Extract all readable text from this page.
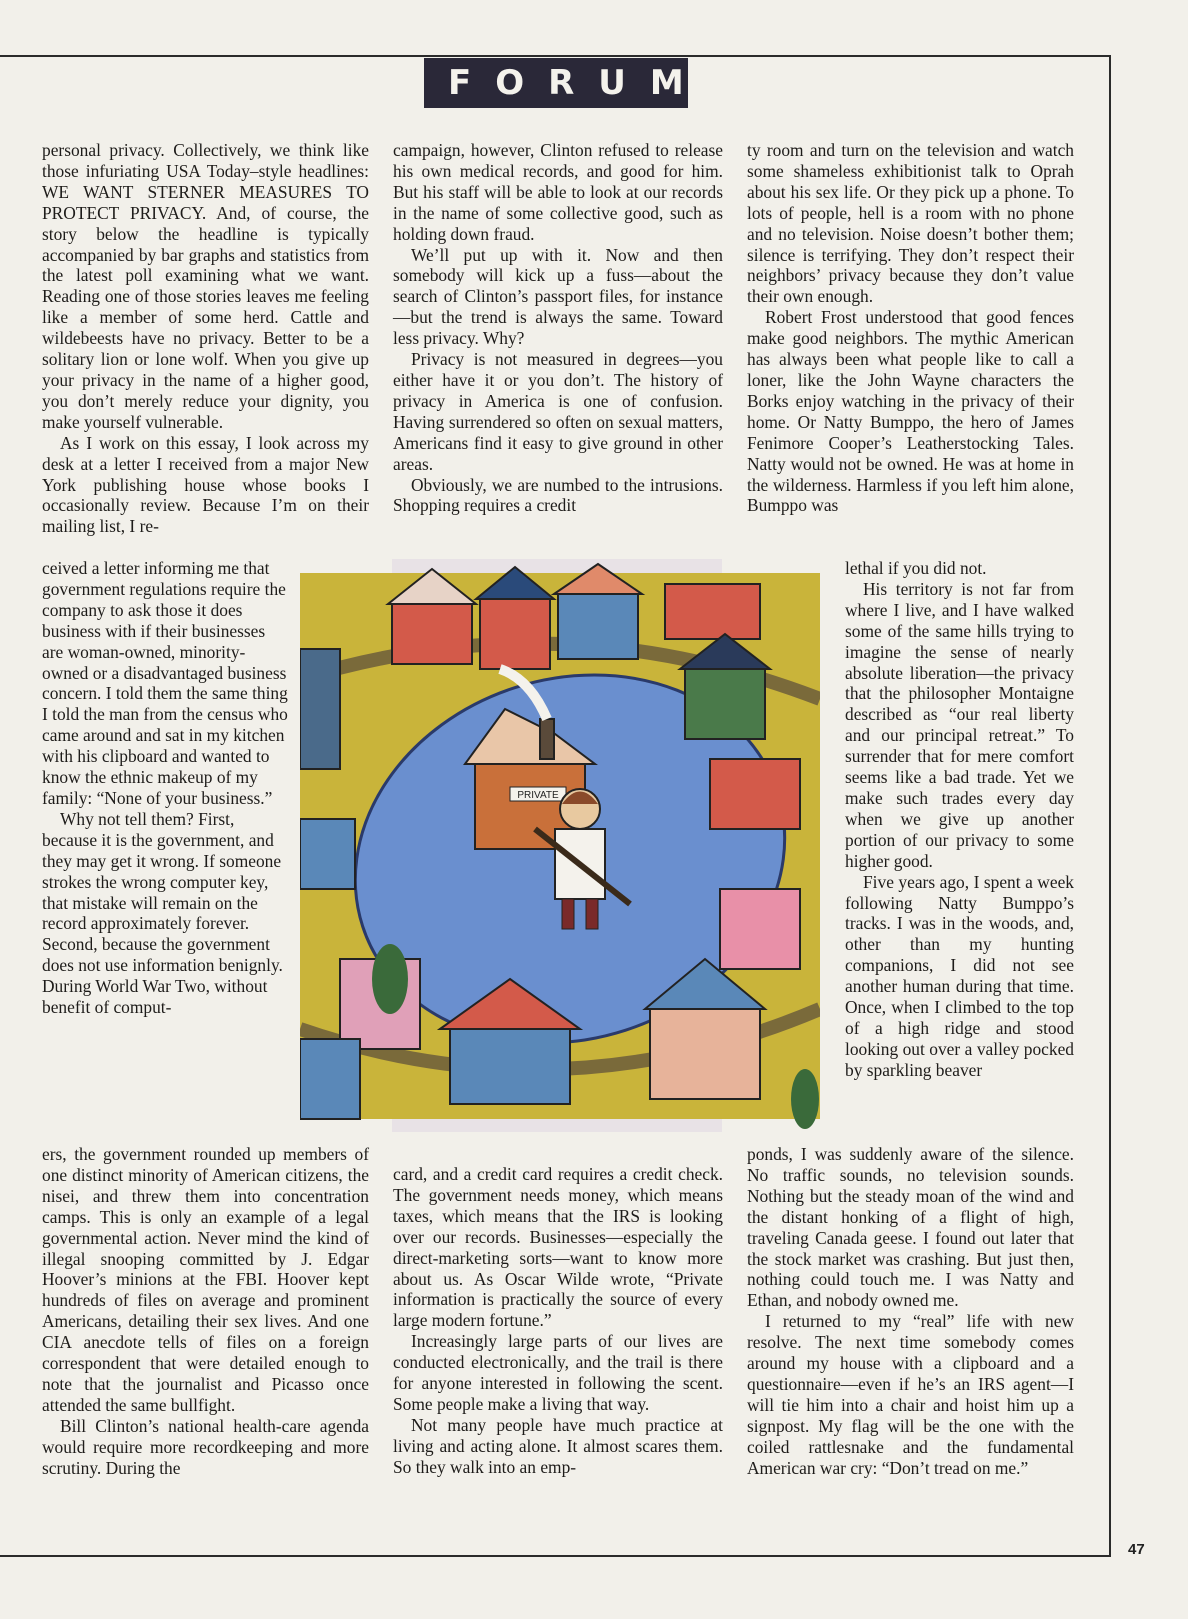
FORUM

personal privacy. Collectively, we think like those infuriating USA Today–style headlines: WE WANT STERNER MEASURES TO PROTECT PRIVACY. And, of course, the story below the headline is typically accompanied by bar graphs and statistics from the latest poll examining what we want. Reading one of those stories leaves me feeling like a member of some herd. Cattle and wildebeests have no privacy. Better to be a solitary lion or lone wolf. When you give up your privacy in the name of a higher good, you don’t merely reduce your dignity, you make yourself vulnerable.

As I work on this essay, I look across my desk at a letter I received from a major New York publishing house whose books I occasionally review. Because I’m on their mailing list, I re-

ceived a letter informing me that government regulations require the company to ask those it does business with if their businesses are woman-owned, minority-owned or a disadvantaged business concern. I told them the same thing I told the man from the census who came around and sat in my kitchen with his clipboard and wanted to know the ethnic makeup of my family: “None of your business.”

Why not tell them? First, because it is the government, and they may get it wrong. If someone strokes the wrong computer key, that mistake will remain on the record approximately forever. Second, because the government does not use information benignly. During World War Two, without benefit of comput-

ers, the government rounded up members of one distinct minority of American citizens, the nisei, and threw them into concentration camps. This is only an example of a legal governmental action. Never mind the kind of illegal snooping committed by J. Edgar Hoover’s minions at the FBI. Hoover kept hundreds of files on average and prominent Americans, detailing their sex lives. And one CIA anecdote tells of files on a foreign correspondent that were detailed enough to note that the journalist and Picasso once attended the same bullfight.

Bill Clinton’s national health-care agenda would require more recordkeeping and more scrutiny. During the

campaign, however, Clinton refused to release his own medical records, and good for him. But his staff will be able to look at our records in the name of some collective good, such as holding down fraud.

We’ll put up with it. Now and then somebody will kick up a fuss—about the search of Clinton’s passport files, for instance—but the trend is always the same. Toward less privacy. Why?

Privacy is not measured in degrees—you either have it or you don’t. The history of privacy in America is one of confusion. Having surrendered so often on sexual matters, Americans find it easy to give ground in other areas.

Obviously, we are numbed to the intrusions. Shopping requires a credit

card, and a credit card requires a credit check. The government needs money, which means taxes, which means that the IRS is looking over our records. Businesses—especially the direct-marketing sorts—want to know more about us. As Oscar Wilde wrote, “Private information is practically the source of every large modern fortune.”

Increasingly large parts of our lives are conducted electronically, and the trail is there for anyone interested in following the scent. Some people make a living that way.

Not many people have much practice at living and acting alone. It almost scares them. So they walk into an emp-

ty room and turn on the television and watch some shameless exhibitionist talk to Oprah about his sex life. Or they pick up a phone. To lots of people, hell is a room with no phone and no television. Noise doesn’t bother them; silence is terrifying. They don’t respect their neighbors’ privacy because they don’t value their own enough.

Robert Frost understood that good fences make good neighbors. The mythic American has always been what people like to call a loner, like the John Wayne characters the Borks enjoy watching in the privacy of their home. Or Natty Bumppo, the hero of James Fenimore Cooper’s Leatherstocking Tales. Natty would not be owned. He was at home in the wilderness. Harmless if you left him alone, Bumppo was

lethal if you did not.

His territory is not far from where I live, and I have walked some of the same hills trying to imagine the sense of nearly absolute liberation—the privacy that the philosopher Montaigne described as “our real liberty and our principal retreat.” To surrender that for mere comfort seems like a bad trade. Yet we make such trades every day when we give up another portion of our privacy to some higher good.

Five years ago, I spent a week following Natty Bumppo’s tracks. I was in the woods, and, other than my hunting companions, I did not see another human during that time. Once, when I climbed to the top of a high ridge and stood looking out over a valley pocked by sparkling beaver

ponds, I was suddenly aware of the silence. No traffic sounds, no television sounds. Nothing but the steady moan of the wind and the distant honking of a flight of high, traveling Canada geese. I found out later that the stock market was crashing. But just then, nothing could touch me. I was Natty and Ethan, and nobody owned me.

I returned to my “real” life with new resolve. The next time somebody comes around my house with a clipboard and a questionnaire—even if he’s an IRS agent—I will tie him into a chair and hoist him up a signpost. My flag will be the one with the coiled rattlesnake and the fundamental American war cry: “Don’t tread on me.”

PRIVATE
47
